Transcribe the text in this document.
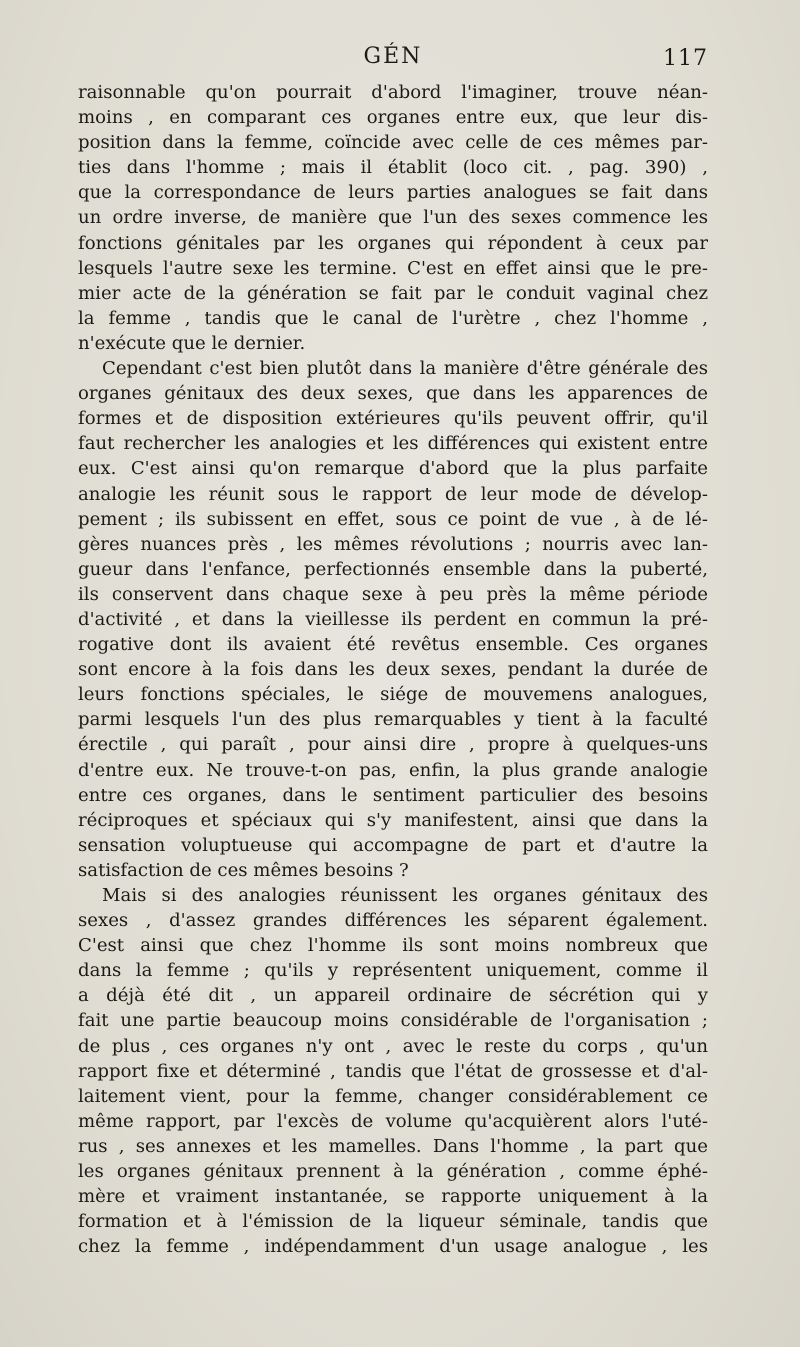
GÉN	117
raisonnable qu'on pourrait d'abord l'imaginer, trouve néan-
moins , en comparant ces organes entre eux, que leur dis-
position dans la femme, coïncide avec celle de ces mêmes par-
ties dans l'homme ; mais il établit (loco cit. , pag. 390) ,
que la correspondance de leurs parties analogues se fait dans
un ordre inverse, de manière que l'un des sexes commence les
fonctions génitales par les organes qui répondent à ceux par
lesquels l'autre sexe les termine. C'est en effet ainsi que le pre-
mier acte de la génération se fait par le conduit vaginal chez
la femme , tandis que le canal de l'urètre , chez l'homme ,
n'exécute que le dernier.
Cependant c'est bien plutôt dans la manière d'être générale des
organes génitaux des deux sexes, que dans les apparences de
formes et de disposition extérieures qu'ils peuvent offrir, qu'il
faut rechercher les analogies et les différences qui existent entre
eux. C'est ainsi qu'on remarque d'abord que la plus parfaite
analogie les réunit sous le rapport de leur mode de dévelop-
pement ; ils subissent en effet, sous ce point de vue , à de lé-
gères nuances près , les mêmes révolutions ; nourris avec lan-
gueur dans l'enfance, perfectionnés ensemble dans la puberté,
ils conservent dans chaque sexe à peu près la même période
d'activité , et dans la vieillesse ils perdent en commun la pré-
rogative dont ils avaient été revêtus ensemble. Ces organes
sont encore à la fois dans les deux sexes, pendant la durée de
leurs fonctions spéciales, le siége de mouvemens analogues,
parmi lesquels l'un des plus remarquables y tient à la faculté
érectile , qui paraît , pour ainsi dire , propre à quelques-uns
d'entre eux. Ne trouve-t-on pas, enfin, la plus grande analogie
entre ces organes, dans le sentiment particulier des besoins
réciproques et spéciaux qui s'y manifestent, ainsi que dans la
sensation voluptueuse qui accompagne de part et d'autre la
satisfaction de ces mêmes besoins ?
Mais si des analogies réunissent les organes génitaux des
sexes , d'assez grandes différences les séparent également.
C'est ainsi que chez l'homme ils sont moins nombreux que
dans la femme ; qu'ils y représentent uniquement, comme il
a déjà été dit , un appareil ordinaire de sécrétion qui y
fait une partie beaucoup moins considérable de l'organisation ;
de plus , ces organes n'y ont , avec le reste du corps , qu'un
rapport fixe et déterminé , tandis que l'état de grossesse et d'al-
laitement vient, pour la femme, changer considérablement ce
même rapport, par l'excès de volume qu'acquièrent alors l'uté-
rus , ses annexes et les mamelles. Dans l'homme , la part que
les organes génitaux prennent à la génération , comme éphé-
mère et vraiment instantanée, se rapporte uniquement à la
formation et à l'émission de la liqueur séminale, tandis que
chez la femme , indépendamment d'un usage analogue , les
